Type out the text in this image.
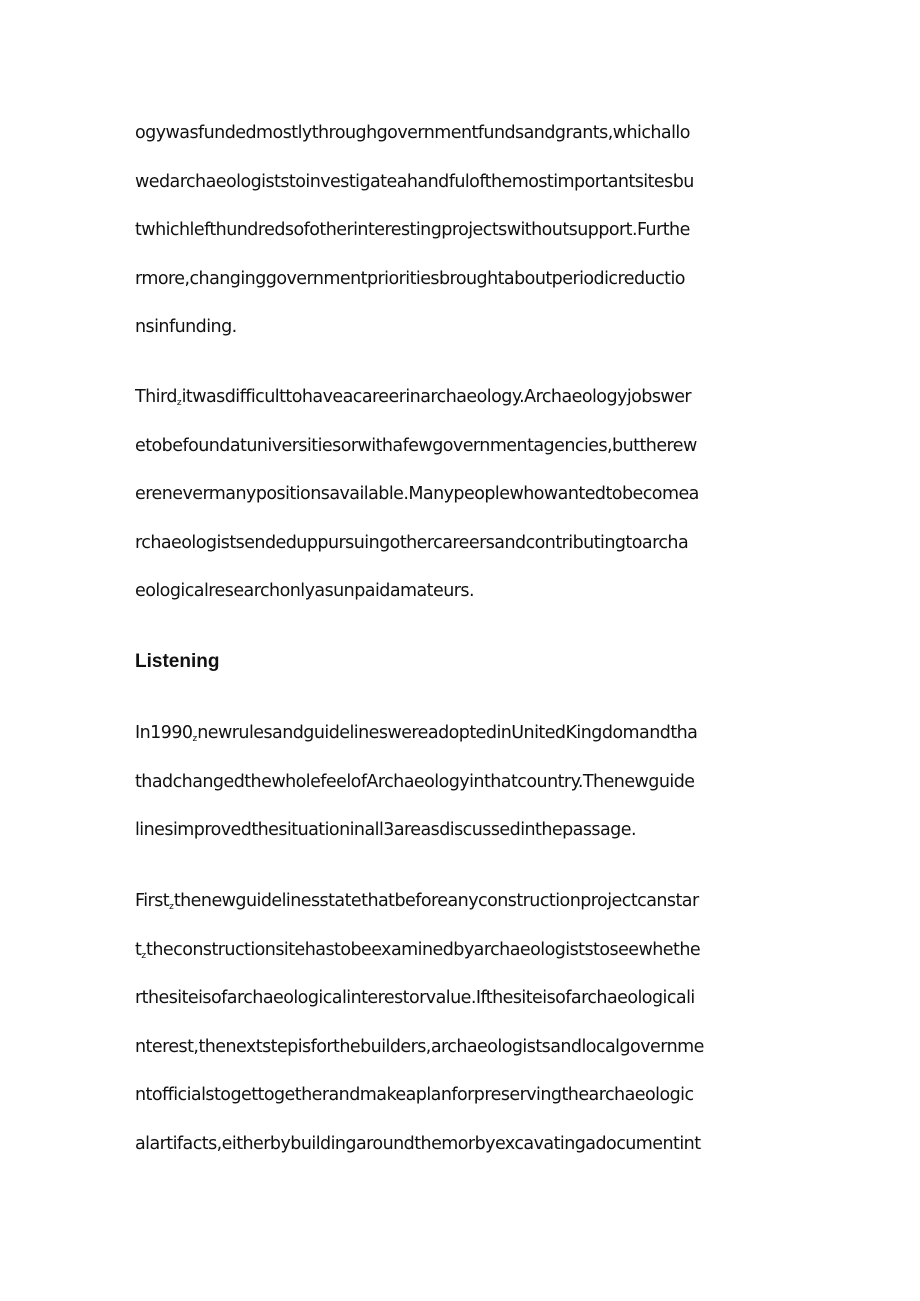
ogywasfundedmostlythroughgovernmentfundsandgrants,whichallo
wedarchaeologiststoinvestigateahandfulofthemostimportantsitesbu
twhichlefthundredsofotherinterestingprojectswithoutsupport.Furthe
rmore,changinggovernmentprioritiesbroughtaboutperiodicreductio
nsinfunding.
Third$_z$itwasdifficulttohaveacareerinarchaeology.Archaeologyjobswer
etobefoundatuniversitiesorwithafewgovernmentagencies,buttherew
erenevermanypositionsavailable.Manypeoplewhowantedtobecomea
rchaeologistsendeduppursuingothercareersandcontributingtoarcha
eologicalresearchonlyasunpaidamateurs.
Listening
$In1990_znewrulesandguidelineswereadoptedinUnitedKingdomandtha$
thadchangedthewholefeelofArchaeologyinthatcountry.Thenewguide
linesimprovedthesituationinall3areasdiscussedinthepassage.
First$_z$thenewguidelinesstatethatbeforeanyconstructionprojectcanstar
$t_ztheconstructionsitehastobeexaminedbyarchaeologiststoseewhethe$
rthesiteisofarchaeologicalinterestorvalue.Ifthesiteisofarchaeologicali
nterest,thenextstepisforthebuilders,archaeologistsandlocalgovernme
ntofficialstogettogetherandmakeaplanforpreservingthearchaeologic
alartifacts,eitherbybuildingaroundthemorbyexcavatingadocumentint
